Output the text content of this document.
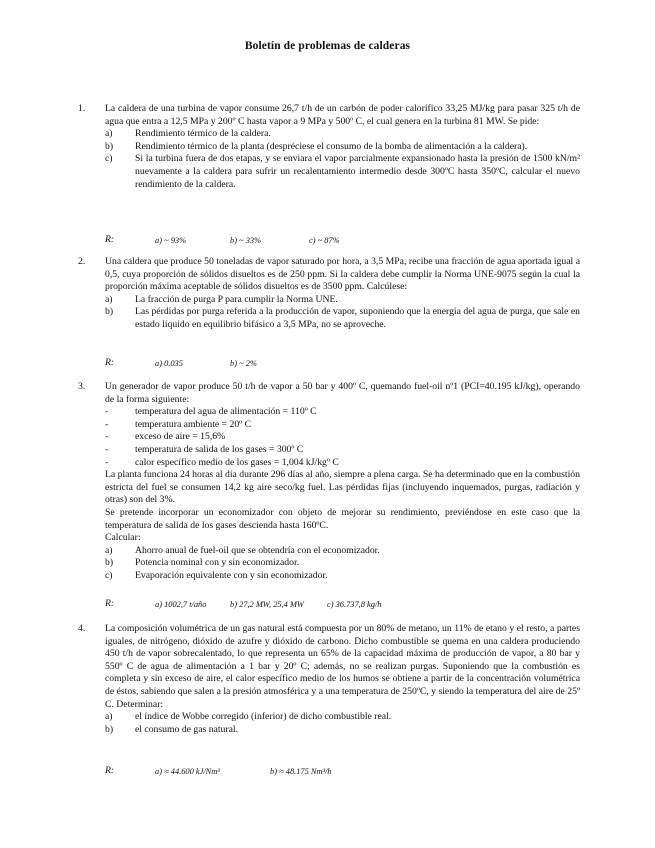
Boletín de problemas de calderas
1. La caldera de una turbina de vapor consume 26,7 t/h de un carbón de poder calorífico 33,25 MJ/kg para pasar 325 t/h de agua que entra a 12,5 MPa y 200º C hasta vapor a 9 MPa y 500º C, el cual genera en la turbina 81 MW. Se pide:
a)	Rendimiento térmico de la caldera.
b)	Rendimiento térmico de la planta (despréciese el consumo de la bomba de alimentación a la caldera).
c)	Si la turbina fuera de dos etapas, y se enviara el vapor parcialmente expansionado hasta la presión de 1500 kN/m² nuevamente a la caldera para sufrir un recalentamiento intermedio desde 300ºC hasta 350ºC, calcular el nuevo rendimiento de la caldera.
R:	a) ~ 93%	b) ~ 33%	c) ~ 87%
2. Una caldera que produce 50 toneladas de vapor saturado por hora, a 3,5 MPa, recibe una fracción de agua aportada igual a 0,5, cuya proporción de sólidos disueltos es de 250 ppm. Si la caldera debe cumplir la Norma UNE-9075 según la cual la proporción máxima aceptable de sólidos disueltos es de 3500 ppm. Calcúlese:
a)	La fracción de purga P para cumplir la Norma UNE.
b)	Las pérdidas por purga referida a la producción de vapor, suponiendo que la energía del agua de purga, que sale en estado líquido en equilibrio bifásico a 3,5 MPa, no se aproveche.
R:	a) 0.035	b) ~ 2%
3. Un generador de vapor produce 50 t/h de vapor a 50 bar y 400º C, quemando fuel-oil nº1 (PCI=40.195 kJ/kg), operando de la forma siguiente:
-	temperatura del agua de alimentación = 110º C
-	temperatura ambiente = 20º C
-	exceso de aire = 15,6%
-	temperatura de salida de los gases = 300º C
-	calor específico medio de los gases = 1,004 kJ/kgº C
La planta funciona 24 horas al día durante 296 días al año, siempre a plena carga. Se ha determinado que en la combustión estricta del fuel se consumen 14,2 kg aire seco/kg fuel. Las pérdidas fijas (incluyendo inquemados, purgas, radiación y otras) son del 3%.
Se pretende incorporar un economizador con objeto de mejorar su rendimiento, previéndose en este caso que la temperatura de salida de los gases descienda hasta 160ºC.
Calcular:
a)	Ahorro anual de fuel-oil que se obtendría con el economizador.
b)	Potencia nominal con y sin economizador.
c)	Evaporación equivalente con y sin economizador.
R:	a) 1002,7 t/año	b) 27,2 MW, 25,4 MW	c) 36.737,8 kg/h
4. La composición volumétrica de un gas natural está compuesta por un 80% de metano, un 11% de etano y el resto, a partes iguales, de nitrógeno, dióxido de azufre y dióxido de carbono. Dicho combustible se quema en una caldera produciendo 450 t/h de vapor sobrecalentado, lo que representa un 65% de la capacidad máxima de producción de vapor, a 80 bar y 550º C de agua de alimentación a 1 bar y 20º C; además, no se realizan purgas. Suponiendo que la combustión es completa y sin exceso de aire, el calor específico medio de los humos se obtiene a partir de la concentración volumétrica de éstos, sabiendo que salen a la presión atmosférica y a una temperatura de 250ºC, y siendo la temperatura del aire de 25º C. Determinar:
a)	el índice de Wobbe corregido (inferior) de dicho combustible real.
b)	el consumo de gas natural.
R:	a) ≈ 44.600 kJ/Nm³	b) ≈ 48.175 Nm³/h
